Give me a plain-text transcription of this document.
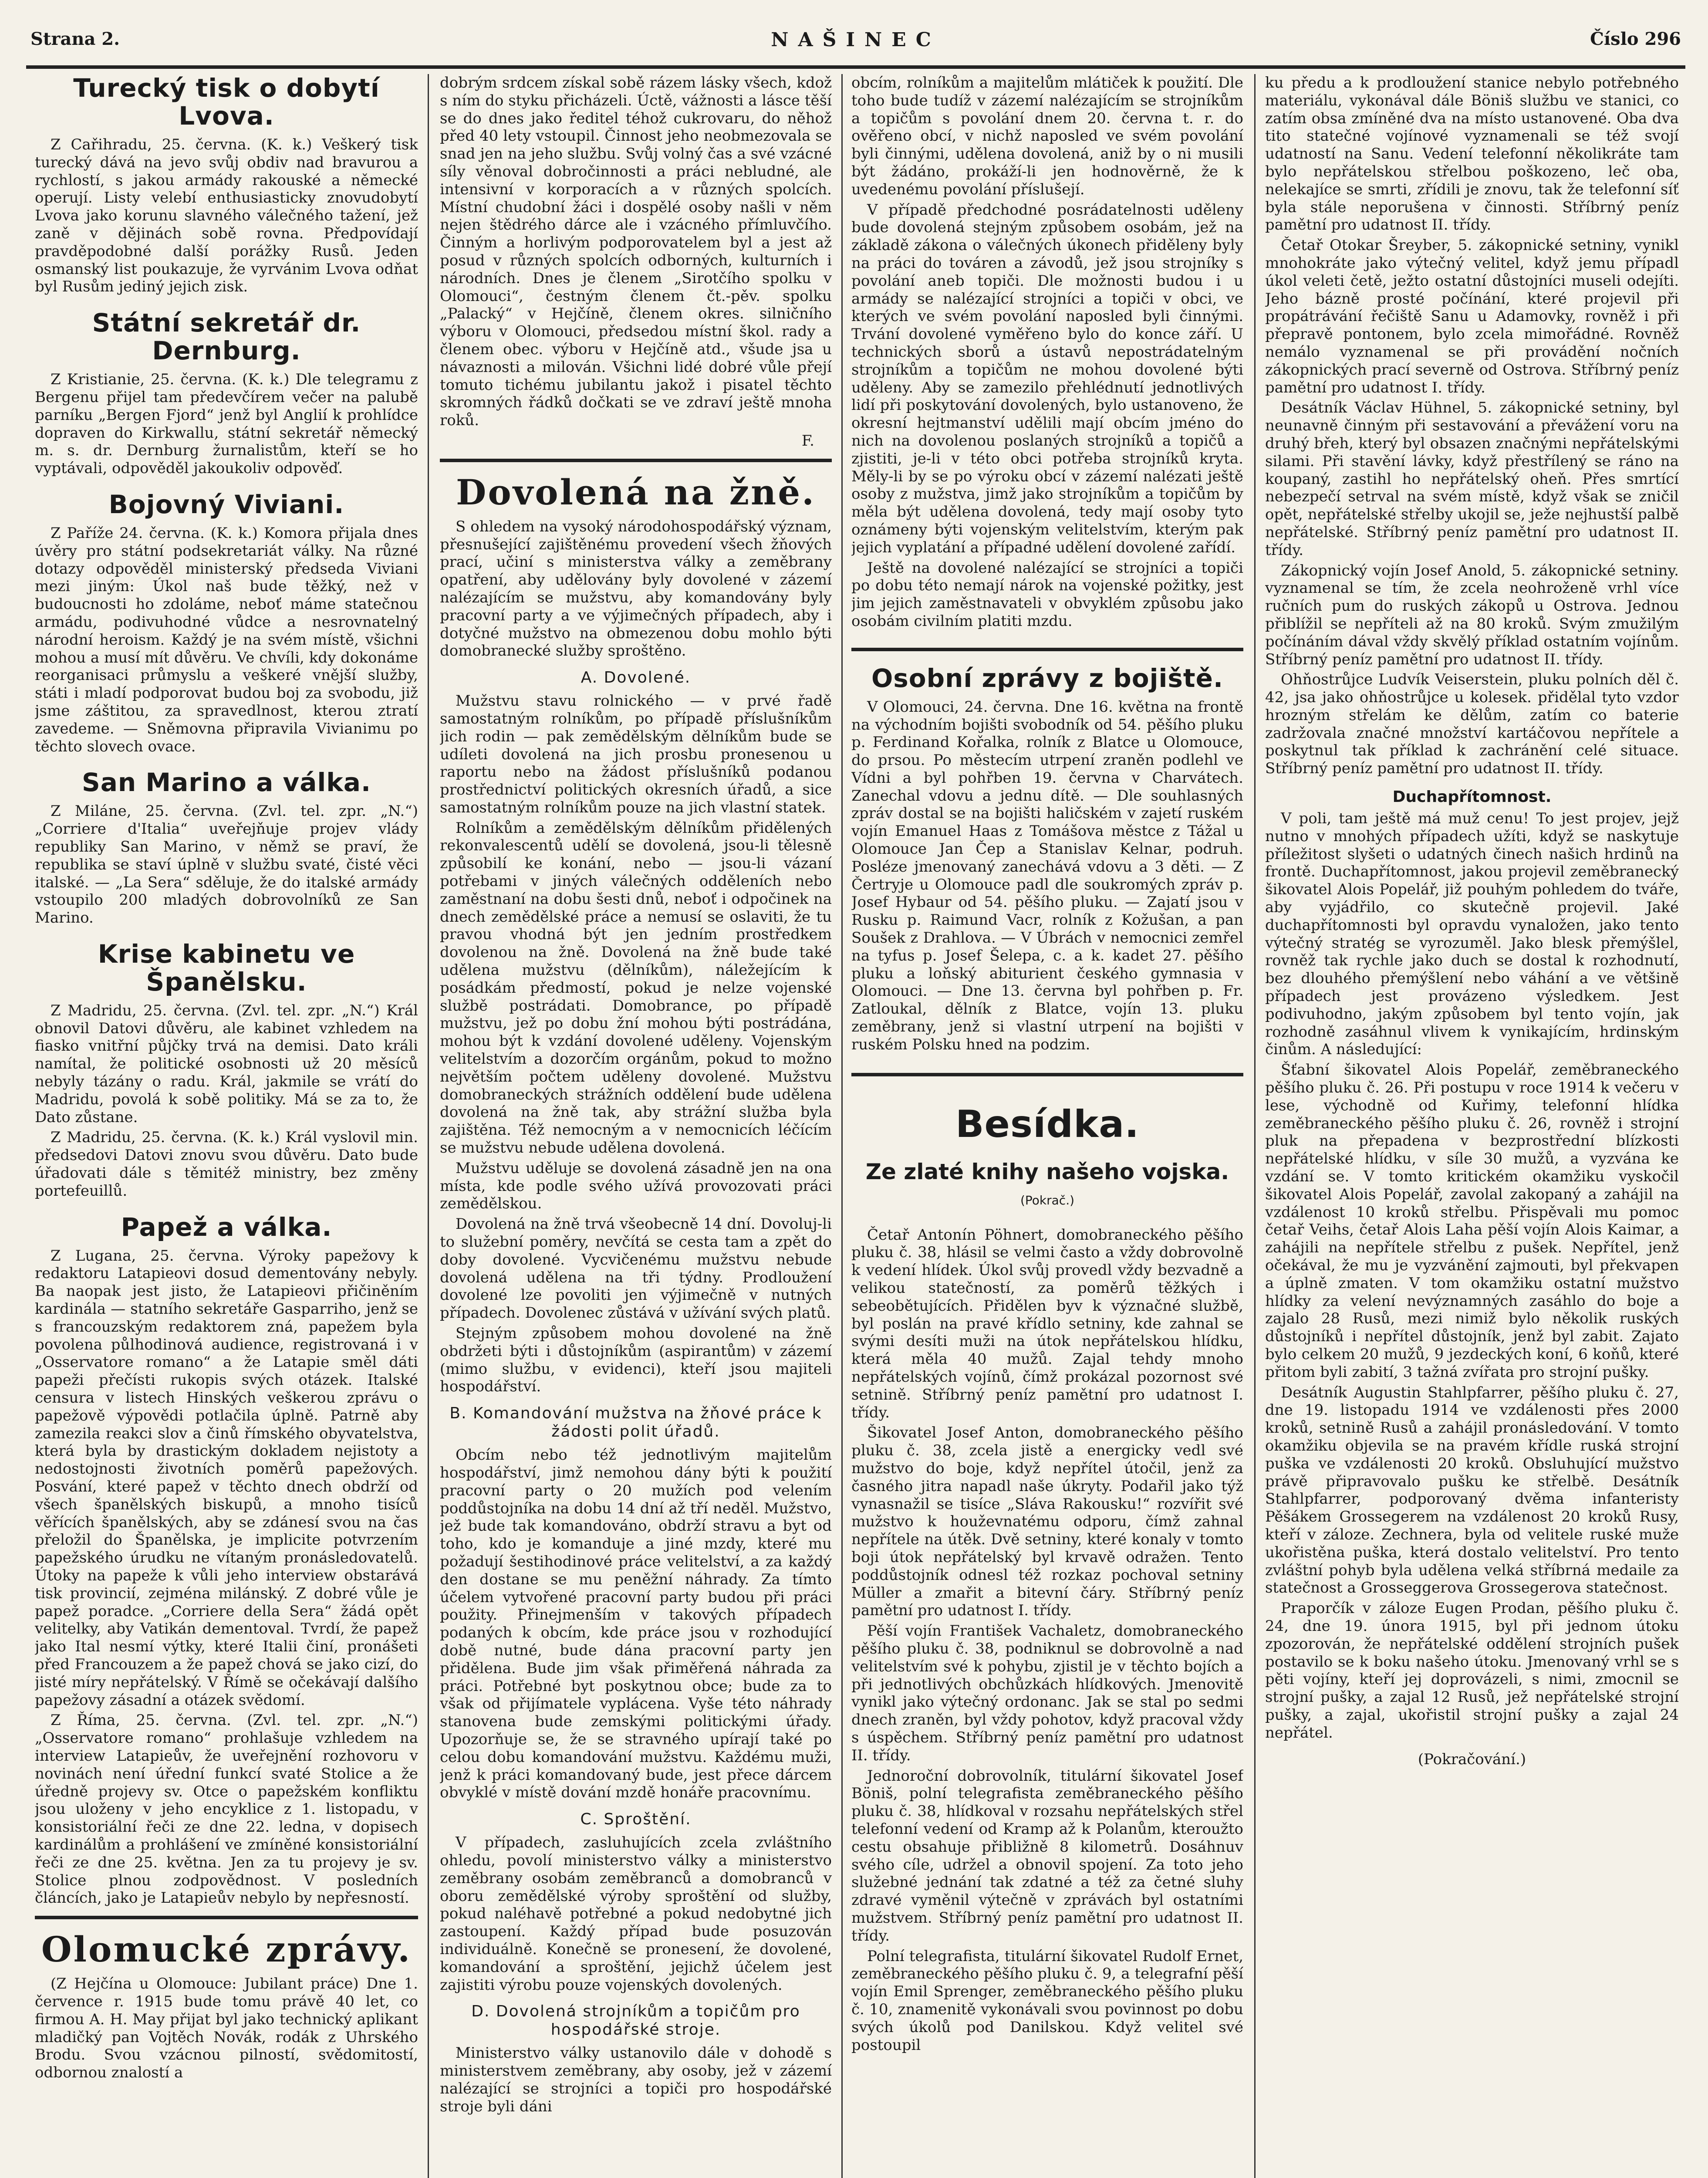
Strana 2.	NAŠINEC	Číslo 296
Turecký tisk o dobytí Lvova.

Z Cařihradu, 25. června. (K. k.) Veškerý tisk turecký dává na jevo svůj obdiv nad bravurou a rychlostí, s jakou armády rakouské a německé operují. Listy velebí enthusiasticky znovudobytí Lvova jako korunu slavného válečného tažení, jež zaně v dějinách sobě rovna. Předpovídají pravděpodobné další porážky Rusů. Jeden osmanský list poukazuje, že vyrvánim Lvova odňat byl Rusům jediný jejich zisk.

Státní sekretář dr. Dernburg.

Z Kristianie, 25. června. (K. k.) Dle telegramu z Bergenu přijel tam předevčírem večer na palubě parníku „Bergen Fjord“ jenž byl Anglií k prohlídce dopraven do Kirkwallu, státní sekretář německý m. s. dr. Dernburg žurnalistům, kteří se ho vyptávali, odpověděl jakoukoliv odpověď.

Bojovný Viviani.

Z Paříže 24. června. (K. k.) Komora přijala dnes úvěry pro státní podsekretariát války. Na různé dotazy odpověděl ministerský předseda Viviani mezi jiným: Úkol naš bude těžký, než v budoucnosti ho zdoláme, neboť máme statečnou armádu, podivuhodné vůdce a nesrovnatelný národní heroism. Každý je na svém místě, všichni mohou a musí mít důvěru. Ve chvíli, kdy dokonáme reorganisaci průmyslu a veškeré vnější služby, státi i mladí podporovat budou boj za svobodu, již jsme záštitou, za spravedlnost, kterou ztratí zavedeme. — Sněmovna připravila Vivianimu po těchto slovech ovace.

San Marino a válka.

Z Miláne, 25. června. (Zvl. tel. zpr. „N.“) „Corriere d'Italia“ uveřejňuje projev vlády republiky San Marino, v němž se praví, že republika se staví úplně v službu svaté, čisté věci italské. — „La Sera“ sděluje, že do italské armády vstoupilo 200 mladých dobrovolníků ze San Marino.

Krise kabinetu ve Španělsku.

Z Madridu, 25. června. (Zvl. tel. zpr. „N.“) Král obnovil Datovi důvěru, ale kabinet vzhledem na fiasko vnitřní půjčky trvá na demisi. Dato králi namítal, že politické osobnosti už 20 měsíců nebyly tázány o radu. Král, jakmile se vrátí do Madridu, povolá k sobě politiky. Má se za to, že Dato zůstane.

Z Madridu, 25. června. (K. k.) Král vyslovil min. předsedovi Datovi znovu svou důvěru. Dato bude úřadovati dále s těmitéž ministry, bez změny portefeuillů.

Papež a válka.

Z Lugana, 25. června. Výroky papežovy k redaktoru Latapieovi dosud dementovány nebyly. Ba naopak jest jisto, že Latapieovi přičiněním kardinála — statního sekretáře Gasparriho, jenž se s francouzským redaktorem zná, papežem byla povolena půlhodinová audience, registrovaná i v „Osservatore romano“ a že Latapie směl dáti papeži přečísti rukopis svých otázek. Italské censura v listech Hinských veškerou zprávu o papežově výpovědi potlačila úplně. Patrně aby zamezila reakci slov a činů římského obyvatelstva, která byla by drastickým dokladem nejistoty a nedostojnosti životních poměrů papežových. Posvání, které papež v těchto dnech obdrží od všech španělských biskupů, a mnoho tisíců věřících španělských, aby se zdánesí svou na čas přeložil do Španělska, je implicite potvrzením papežského úrudku ne vítaným pronásledovatelů. Útoky na papeže k vůli jeho interview obstarává tisk provincií, zejména milánský. Z dobré vůle je papež poradce. „Corriere della Sera“ žádá opět velitelky, aby Vatikán dementoval. Tvrdí, že papež jako Ital nesmí výtky, které Italii činí, pronášeti před Francouzem a že papež chová se jako cizí, do jisté míry nepřátelský. V Římě se očekávají dalšího papežovy zásadní a otázek svědomí.

Z Říma, 25. června. (Zvl. tel. zpr. „N.“) „Osservatore romano“ prohlašuje vzhledem na interview Latapieův, že uveřejnění rozhovoru v novinách není úřední funkcí svaté Stolice a že úředně projevy sv. Otce o papežském konfliktu jsou uloženy v jeho encyklice z 1. listopadu, v konsistoriální řeči ze dne 22. ledna, v dopisech kardinálům a prohlášení ve zmíněné konsistoriální řeči ze dne 25. května. Jen za tu projevy je sv. Stolice plnou zodpovědnost. V posledních článcích, jako je Latapieův nebylo by nepřesností.

Olomucké zprávy.

(Z Hejčína u Olomouce: Jubilant práce) Dne 1. července r. 1915 bude tomu právě 40 let, co firmou A. H. May přijat byl jako technický aplikant mladičký pan Vojtěch Novák, rodák z Uhrského Brodu. Svou vzácnou pilností, svědomitostí, odbornou znalostí a

dobrým srdcem získal sobě rázem lásky všech, kdož s ním do styku přicházeli. Úctě, vážnosti a lásce těší se do dnes jako ředitel téhož cukrovaru, do něhož před 40 lety vstoupil. Činnost jeho neobmezovala se snad jen na jeho službu. Svůj volný čas a své vzácné síly věnoval dobročinnosti a práci nebludné, ale intensivní v korporacích a v různých spolcích. Místní chudobní žáci i dospělé osoby našli v něm nejen štědrého dárce ale i vzácného přímluvčího. Činným a horlivým podporovatelem byl a jest až posud v různých spolcích odborných, kulturních i národních. Dnes je členem „Sirotčího spolku v Olomouci“, čestným členem čt.-pěv. spolku „Palacký“ v Hejčíně, členem okres. silničního výboru v Olomouci, předsedou místní škol. rady a členem obec. výboru v Hejčíně atd., všude jsa u návaznosti a milován. Všichni lidé dobré vůle přejí tomuto tichému jubilantu jakož i pisatel těchto skromných řádků dočkati se ve zdraví ještě mnoha roků.

F.
Dovolená na žně.

S ohledem na vysoký národohospodářský význam, přesnušející zajištěnému provedení všech žňových prací, učiní s ministerstva války a zeměbrany opatření, aby udělovány byly dovolené v zázemí nalézajícím se mužstvu, aby komandovány byly pracovní party a ve výjimečných případech, aby i dotyčné mužstvo na obmezenou dobu mohlo býti domobranecké služby sproštěno.

A. Dovolené.

Mužstvu stavu rolnického — v prvé řadě samostatným rolníkům, po případě příslušníkům jich rodin — pak zemědělským dělníkům bude se udíleti dovolená na jich prosbu pronesenou u raportu nebo na žádost příslušníků podanou prostřednictví politických okresních úřadů, a sice samostatným rolníkům pouze na jich vlastní statek.

Rolníkům a zemědělským dělníkům přidělených rekonvalescentů udělí se dovolená, jsou-li tělesně způsobilí ke konání, nebo — jsou-li vázaní potřebami v jiných válečných odděleních nebo zaměstnaní na dobu šesti dnů, neboť i odpočinek na dnech zemědělské práce a nemusí se oslaviti, že tu pravou vhodná být jen jedním prostředkem dovolenou na žně. Dovolená na žně bude také udělena mužstvu (dělníkům), náležejícím k posádkám předmostí, pokud je nelze vojenské službě postrádati. Domobrance, po případě mužstvu, jež po dobu žní mohou býti postrádána, mohou být k vzdání dovolené uděleny. Vojenským velitelstvím a dozorčím orgánům, pokud to možno největším počtem uděleny dovolené. Mužstvu domobraneckých strážních oddělení bude udělena dovolená na žně tak, aby strážní služba byla zajištěna. Též nemocným a v nemocnicích léčícím se mužstvu nebude udělena dovolená.

Mužstvu uděluje se dovolená zásadně jen na ona místa, kde podle svého užívá provozovati práci zemědělskou.

Dovolená na žně trvá všeobecně 14 dní. Dovoluj-li to služební poměry, nevčítá se cesta tam a zpět do doby dovolené. Vycvičenému mužstvu nebude dovolená udělena na tři týdny. Prodloužení dovolené lze povoliti jen výjimečně v nutných případech. Dovolenec zůstává v užívání svých platů.

Stejným způsobem mohou dovolené na žně obdržeti býti i důstojníkům (aspirantům) v zázemí (mimo službu, v evidenci), kteří jsou majiteli hospodářství.

B. Komandování mužstva na žňové práce k žádosti polit úřadů.

Obcím nebo též jednotlivým majitelům hospodářství, jimž nemohou dány býti k použití pracovní party o 20 mužích pod velením poddůstojníka na dobu 14 dní až tří neděl. Mužstvo, jež bude tak komandováno, obdrží stravu a byt od toho, kdo je komanduje a jiné mzdy, které mu požadují šestihodinové práce velitelství, a za každý den dostane se mu peněžní náhrady. Za tímto účelem vytvořené pracovní party budou při práci použity. Přinejmenším v takových případech podaných k obcím, kde práce jsou v rozhodující době nutné, bude dána pracovní party jen přidělena. Bude jim však přiměřená náhrada za práci. Potřebné byt poskytnou obce; bude za to však od přijímatele vyplácena. Vyše této náhrady stanovena bude zemskými politickými úřady. Upozorňuje se, že se stravného upírají také po celou dobu komandování mužstvu. Každému muži, jenž k práci komandovaný bude, jest přece dárcem obvyklé v místě dování mzdě honáře pracovnímu.

C. Sproštění.

V případech, zasluhujících zcela zvláštního ohledu, povolí ministerstvo války a ministerstvo zeměbrany osobám zeměbranců a domobranců v oboru zemědělské výroby sproštění od služby, pokud naléhavě potřebné a pokud nedobytné jich zastoupení. Každý případ bude posuzován individuálně. Konečně se pronesení, že dovolené, komandování a sproštění, jejichž účelem jest zajistiti výrobu pouze vojenských dovolených.

D. Dovolená strojníkům a topičům pro hospodářské stroje.

Ministerstvo války ustanovilo dále v dohodě s ministerstvem zeměbrany, aby osoby, jež v zázemí nalézající se strojníci a topiči pro hospodářské stroje byli dáni

obcím, rolníkům a majitelům mlátiček k použití. Dle toho bude tudíž v zázemí nalézajícím se strojníkům a topičům s povolání dnem 20. června t. r. do ověřeno obcí, v nichž naposled ve svém povolání byli činnými, udělena dovolená, aniž by o ni musili být žádáno, prokáží-li jen hodnověrně, že k uvedenému povolání příslušejí.

V případě předchodné posrádatelnosti uděleny bude dovolená stejným způsobem osobám, jež na základě zákona o válečných úkonech přiděleny byly na práci do továren a závodů, jež jsou strojníky s povolání aneb topiči. Dle možnosti budou i u armády se nalézající strojníci a topiči v obci, ve kterých ve svém povolání naposled byli činnými. Trvání dovolené vyměřeno bylo do konce září. U technických sborů a ústavů nepostrádatelným strojníkům a topičům ne mohou dovolené býti uděleny. Aby se zamezilo přehlédnutí jednotlivých lidí při poskytování dovolených, bylo ustanoveno, že okresní hejtmanství udělili mají obcím jméno do nich na dovolenou poslaných strojníků a topičů a zjistiti, je-li v této obci potřeba strojníků kryta. Měly-li by se po výroku obcí v zázemí nalézati ještě osoby z mužstva, jimž jako strojníkům a topičům by měla být udělena dovolená, tedy mají osoby tyto oznámeny býti vojenským velitelstvím, kterým pak jejich vyplatání a případné udělení dovolené zařídí.

Ještě na dovolené nalézající se strojníci a topiči po dobu této nemají nárok na vojenské požitky, jest jim jejich zaměstnavateli v obvyklém způsobu jako osobám civilním platiti mzdu.

Osobní zprávy z bojiště.

V Olomouci, 24. června. Dne 16. května na frontě na východním bojišti svobodník od 54. pěšího pluku p. Ferdinand Kořalka, rolník z Blatce u Olomouce, do prsou. Po městecím utrpení zraněn podlehl ve Vídni a byl pohřben 19. června v Charvátech. Zanechal vdovu a jednu dítě. — Dle souhlasných zpráv dostal se na bojišti haličském v zajetí ruském vojín Emanuel Haas z Tomášova městce z Tážal u Olomouce Jan Čep a Stanislav Kelnar, podruh. Posléze jmenovaný zanechává vdovu a 3 děti. — Z Čertryje u Olomouce padl dle soukromých zpráv p. Josef Hybaur od 54. pěšího pluku. — Zajatí jsou v Rusku p. Raimund Vacr, rolník z Kožušan, a pan Soušek z Drahlova. — V Úbrách v nemocnici zemřel na tyfus p. Josef Šelepa, c. a k. kadet 27. pěšího pluku a loňský abiturient českého gymnasia v Olomouci. — Dne 13. června byl pohřben p. Fr. Zatloukal, dělník z Blatce, vojín 13. pluku zeměbrany, jenž si vlastní utrpení na bojišti v ruském Polsku hned na podzim.

Besídka.
Ze zlaté knihy našeho vojska. (Pokrač.)

Četař Antonín Pöhnert, domobraneckého pěšího pluku č. 38, hlásil se velmi často a vždy dobrovolně k vedení hlídek. Úkol svůj provedl vždy bezvadně a velikou statečností, za poměrů těžkých i sebeobětujících. Přidělen byv k význačné službě, byl poslán na pravé křídlo setniny, kde zahnal se svými desíti muži na útok nepřátelskou hlídku, která měla 40 mužů. Zajal tehdy mnoho nepřátelských vojínů, čímž prokázal pozornost své setnině. Stříbrný peníz pamětní pro udatnost I. třídy.

Šikovatel Josef Anton, domobraneckého pěšího pluku č. 38, zcela jistě a energicky vedl své mužstvo do boje, když nepřítel útočil, jenž za časného jitra napadl naše úkryty. Podařil jako týž vynasnažil se tisíce „Sláva Rakousku!“ rozvířit své mužstvo k houževnatému odporu, čímž zahnal nepřítele na útěk. Dvě setniny, které konaly v tomto boji útok nepřátelský byl krvavě odražen. Tento poddůstojník odnesl též rozkaz pochoval setniny Müller a zmařit a bitevní čáry. Stříbrný peníz pamětní pro udatnost I. třídy.

Pěší vojín František Vachaletz, domobraneckého pěšího pluku č. 38, podniknul se dobrovolně a nad velitelstvím své k pohybu, zjistil je v těchto bojích a při jednotlivých obchůzkách hlídkových. Jmenovitě vynikl jako výtečný ordonanc. Jak se stal po sedmi dnech zraněn, byl vždy pohotov, když pracoval vždy s úspěchem. Stříbrný peníz pamětní pro udatnost II. třídy.

Jednoroční dobrovolník, titulární šikovatel Josef Böniš, polní telegrafista zeměbraneckého pěšího pluku č. 38, hlídkoval v rozsahu nepřátelských střel telefonní vedení od Kramp až k Polanům, kteroužto cestu obsahuje přibližně 8 kilometrů. Dosáhnuv svého cíle, udržel a obnovil spojení. Za toto jeho služebné jednání tak zdatné a též za četné sluhy zdravé vyměnil výtečně v zprávách byl ostatními mužstvem. Stříbrný peníz pamětní pro udatnost II. třídy.

Polní telegrafista, titulární šikovatel Rudolf Ernet, zeměbraneckého pěšího pluku č. 9, a telegrafní pěší vojín Emil Sprenger, zeměbraneckého pěšího pluku č. 10, znamenitě vykonávali svou povinnost po dobu svých úkolů pod Danilskou. Když velitel své postoupil

ku předu a k prodloužení stanice nebylo potřebného materiálu, vykonával dále Böniš službu ve stanici, co zatím obsa zmíněné dva na místo ustanovené. Oba dva tito statečné vojínové vyznamenali se též svojí udatností na Sanu. Vedení telefonní několikráte tam bylo nepřátelskou střelbou poškozeno, leč oba, nelekajíce se smrti, zřídili je znovu, tak že telefonní síť byla stále neporušena v činnosti. Stříbrný peníz pamětní pro udatnost II. třídy.

Četař Otokar Šreyber, 5. zákopnické setniny, vynikl mnohokráte jako výtečný velitel, když jemu případl úkol veleti četě, ježto ostatní důstojníci museli odejíti. Jeho bázně prosté počínání, které projevil při propátrávání řečiště Sanu u Adamovky, rovněž i při přepravě pontonem, bylo zcela mimořádné. Rovněž nemálo vyznamenal se při provádění nočních zákopnických prací severně od Ostrova. Stříbrný peníz pamětní pro udatnost I. třídy.

Desátník Václav Hühnel, 5. zákopnické setniny, byl neunavně činným při sestavování a převážení voru na druhý břeh, který byl obsazen značnými nepřátelskými silami. Při stavění lávky, když přestřílený se ráno na koupaný, zastihl ho nepřátelský oheň. Přes smrtící nebezpečí setrval na svém místě, když však se zničil opět, nepřátelské střelby ukojil se, ježe nejhustší palbě nepřátelské. Stříbrný peníz pamětní pro udatnost II. třídy.

Zákopnický vojín Josef Anold, 5. zákopnické setniny. vyznamenal se tím, že zcela neohroženě vrhl více ručních pum do ruských zákopů u Ostrova. Jednou přiblížil se nepříteli až na 80 kroků. Svým zmužilým počínáním dával vždy skvělý příklad ostatním vojínům. Stříbrný peníz pamětní pro udatnost II. třídy.

Ohňostrůjce Ludvík Veiserstein, pluku polních děl č. 42, jsa jako ohňostrůjce u kolesek. přidělal tyto vzdor hrozným střelám ke dělům, zatím co baterie zadržovala značné množství kartáčovou nepřítele a poskytnul tak příklad k zachránění celé situace. Stříbrný peníz pamětní pro udatnost II. třídy.

Duchapřítomnost.

V poli, tam ještě má muž cenu! To jest projev, jejž nutno v mnohých případech užíti, když se naskytuje příležitost slyšeti o udatných činech našich hrdinů na frontě. Duchapřítomnost, jakou projevil zeměbranecký šikovatel Alois Popelář, již pouhým pohledem do tváře, aby vyjádřilo, co skutečně projevil. Jaké duchapřítomnosti byl opravdu vynaložen, jako tento výtečný stratég se vyrozuměl. Jako blesk přemýšlel, rovněž tak rychle jako duch se dostal k rozhodnutí, bez dlouhého přemýšlení nebo váhání a ve většině případech jest provázeno výsledkem. Jest podivuhodno, jakým způsobem byl tento vojín, jak rozhodně zasáhnul vlivem k vynikajícím, hrdinským činům. A následující:

Šťabní šikovatel Alois Popelář, zeměbraneckého pěšího pluku č. 26. Při postupu v roce 1914 k večeru v lese, východně od Kuřimy, telefonní hlídka zeměbraneckého pěšího pluku č. 26, rovněž i strojní pluk na přepadena v bezprostřední blízkosti nepřátelské hlídku, v síle 30 mužů, a vyzvána ke vzdání se. V tomto kritickém okamžiku vyskočil šikovatel Alois Popelář, zavolal zakopaný a zahájil na vzdálenost 10 kroků střelbu. Přispěvali mu pomoc četař Veihs, četař Alois Laha pěší vojín Alois Kaimar, a zahájili na nepřítele střelbu z pušek. Nepřítel, jenž očekával, že mu je vyzvánění zajmouti, byl překvapen a úplně zmaten. V tom okamžiku ostatní mužstvo hlídky za velení nevýznamných zasáhlo do boje a zajalo 28 Rusů, mezi nimiž bylo několik ruských důstojníků i nepřítel důstojník, jenž byl zabit. Zajato bylo celkem 20 mužů, 9 jezdeckých koní, 6 koňů, které přitom byli zabití, 3 tažná zvířata pro strojní pušky.

Desátník Augustin Stahlpfarrer, pěšího pluku č. 27, dne 19. listopadu 1914 ve vzdálenosti přes 2000 kroků, setnině Rusů a zahájil pronásledování. V tomto okamžiku objevila se na pravém křídle ruská strojní puška ve vzdálenosti 20 kroků. Obsluhující mužstvo právě připravovalo pušku ke střelbě. Desátník Stahlpfarrer, podporovaný dvěma infanteristy Pěšákem Grossegerem na vzdálenost 20 kroků Rusy, kteří v záloze. Zechnera, byla od velitele ruské muže ukořistěna puška, která dostalo velitelství. Pro tento zvláštní pohyb byla udělena velká stříbrná medaile za statečnost a Grosseggerova Grossegerova statečnost.

Praporčík v záloze Eugen Prodan, pěšího pluku č. 24, dne 19. února 1915, byl při jednom útoku zpozorován, že nepřátelské oddělení strojních pušek postavilo se k boku našeho útoku. Jmenovaný vrhl se s pěti vojíny, kteří jej doprovázeli, s nimi, zmocnil se strojní pušky, a zajal 12 Rusů, jež nepřátelské strojní pušky, a zajal, ukořistil strojní pušky a zajal 24 nepřátel.

(Pokračování.)
